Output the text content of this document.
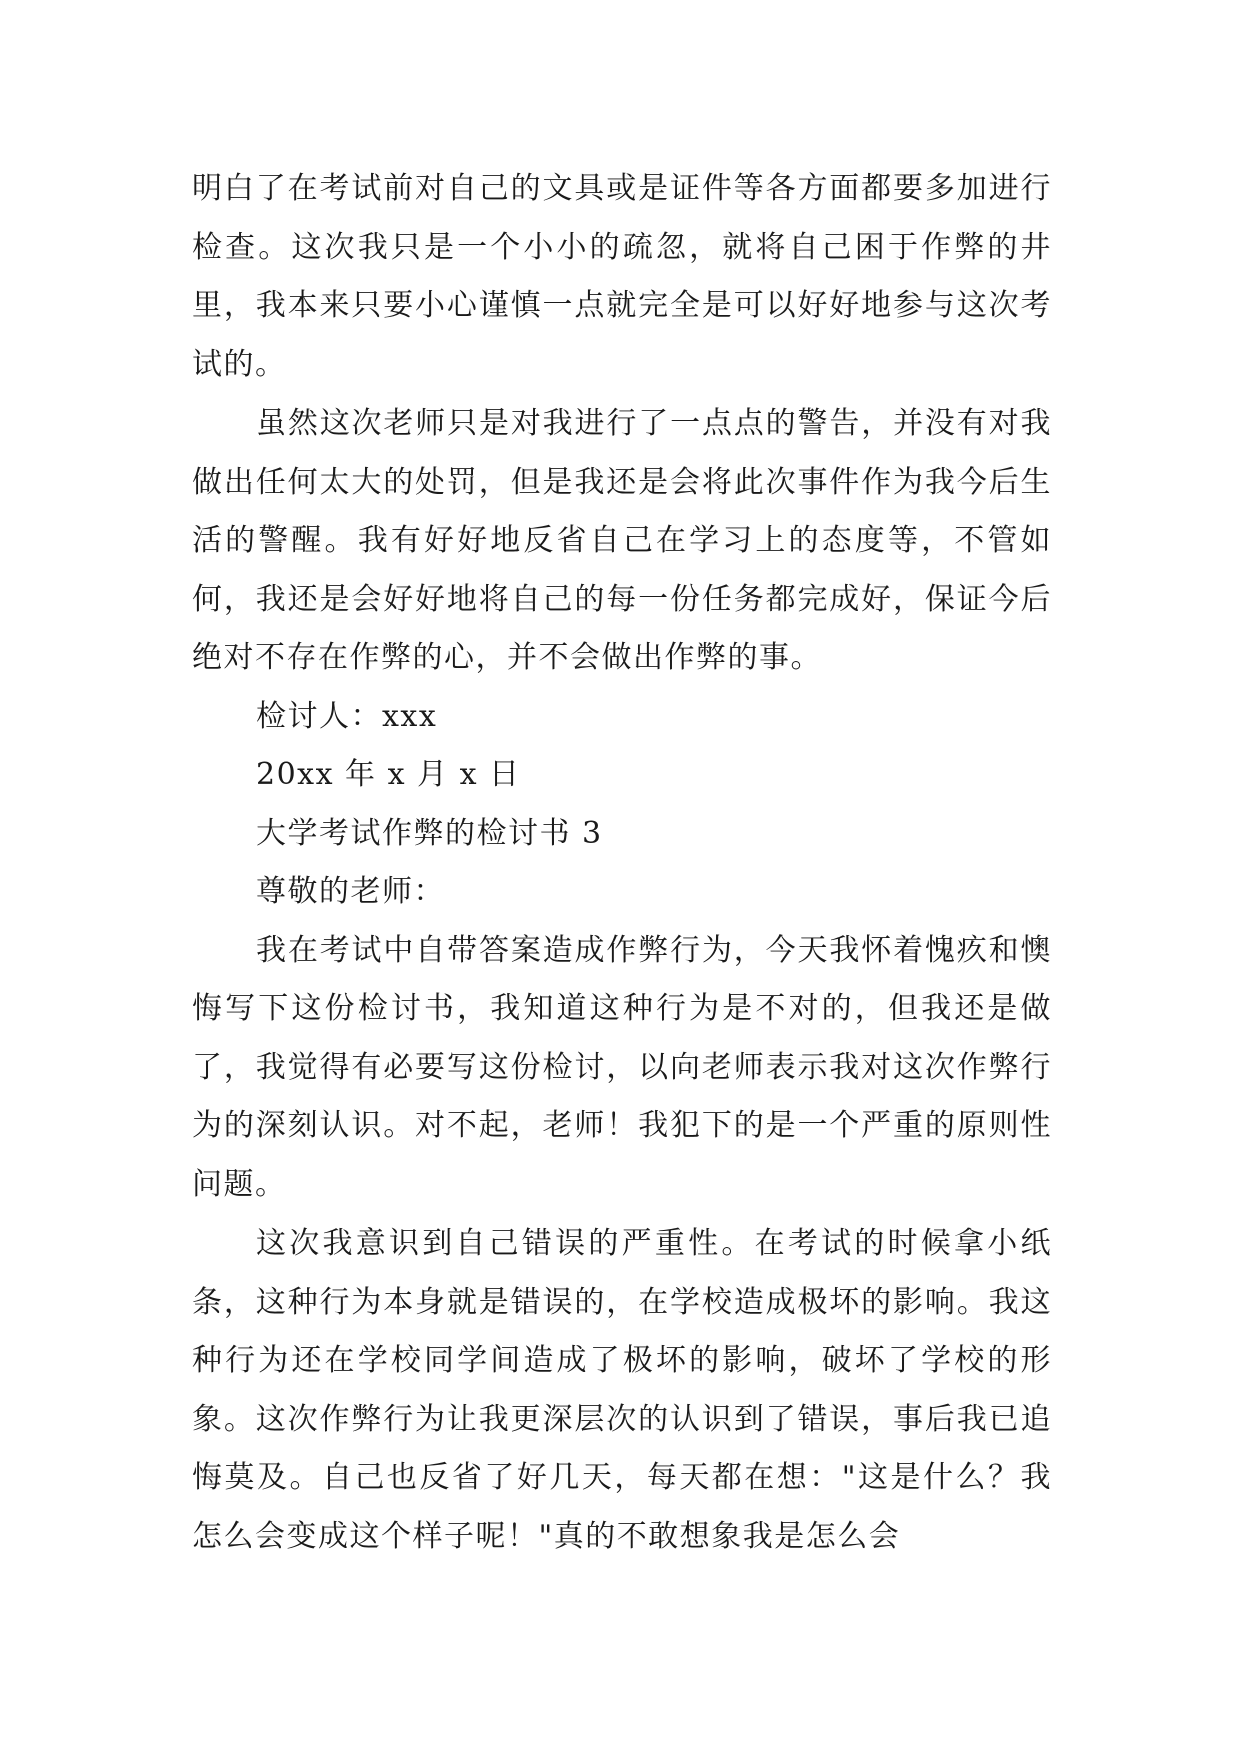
明白了在考试前对自己的文具或是证件等各方面都要多加进行检查。这次我只是一个小小的疏忽，就将自己困于作弊的井里，我本来只要小心谨慎一点就完全是可以好好地参与这次考试的。

虽然这次老师只是对我进行了一点点的警告，并没有对我做出任何太大的处罚，但是我还是会将此次事件作为我今后生活的警醒。我有好好地反省自己在学习上的态度等，不管如何，我还是会好好地将自己的每一份任务都完成好，保证今后绝对不存在作弊的心，并不会做出作弊的事。

检讨人：xxx

20xx 年 x 月 x 日

大学考试作弊的检讨书 3

尊敬的老师：

我在考试中自带答案造成作弊行为，今天我怀着愧疚和懊悔写下这份检讨书，我知道这种行为是不对的，但我还是做了，我觉得有必要写这份检讨，以向老师表示我对这次作弊行为的深刻认识。对不起，老师！我犯下的是一个严重的原则性问题。

这次我意识到自己错误的严重性。在考试的时候拿小纸条，这种行为本身就是错误的，在学校造成极坏的影响。我这种行为还在学校同学间造成了极坏的影响，破坏了学校的形象。这次作弊行为让我更深层次的认识到了错误，事后我已追悔莫及。自己也反省了好几天，每天都在想："这是什么？我怎么会变成这个样子呢！"真的不敢想象我是怎么会
